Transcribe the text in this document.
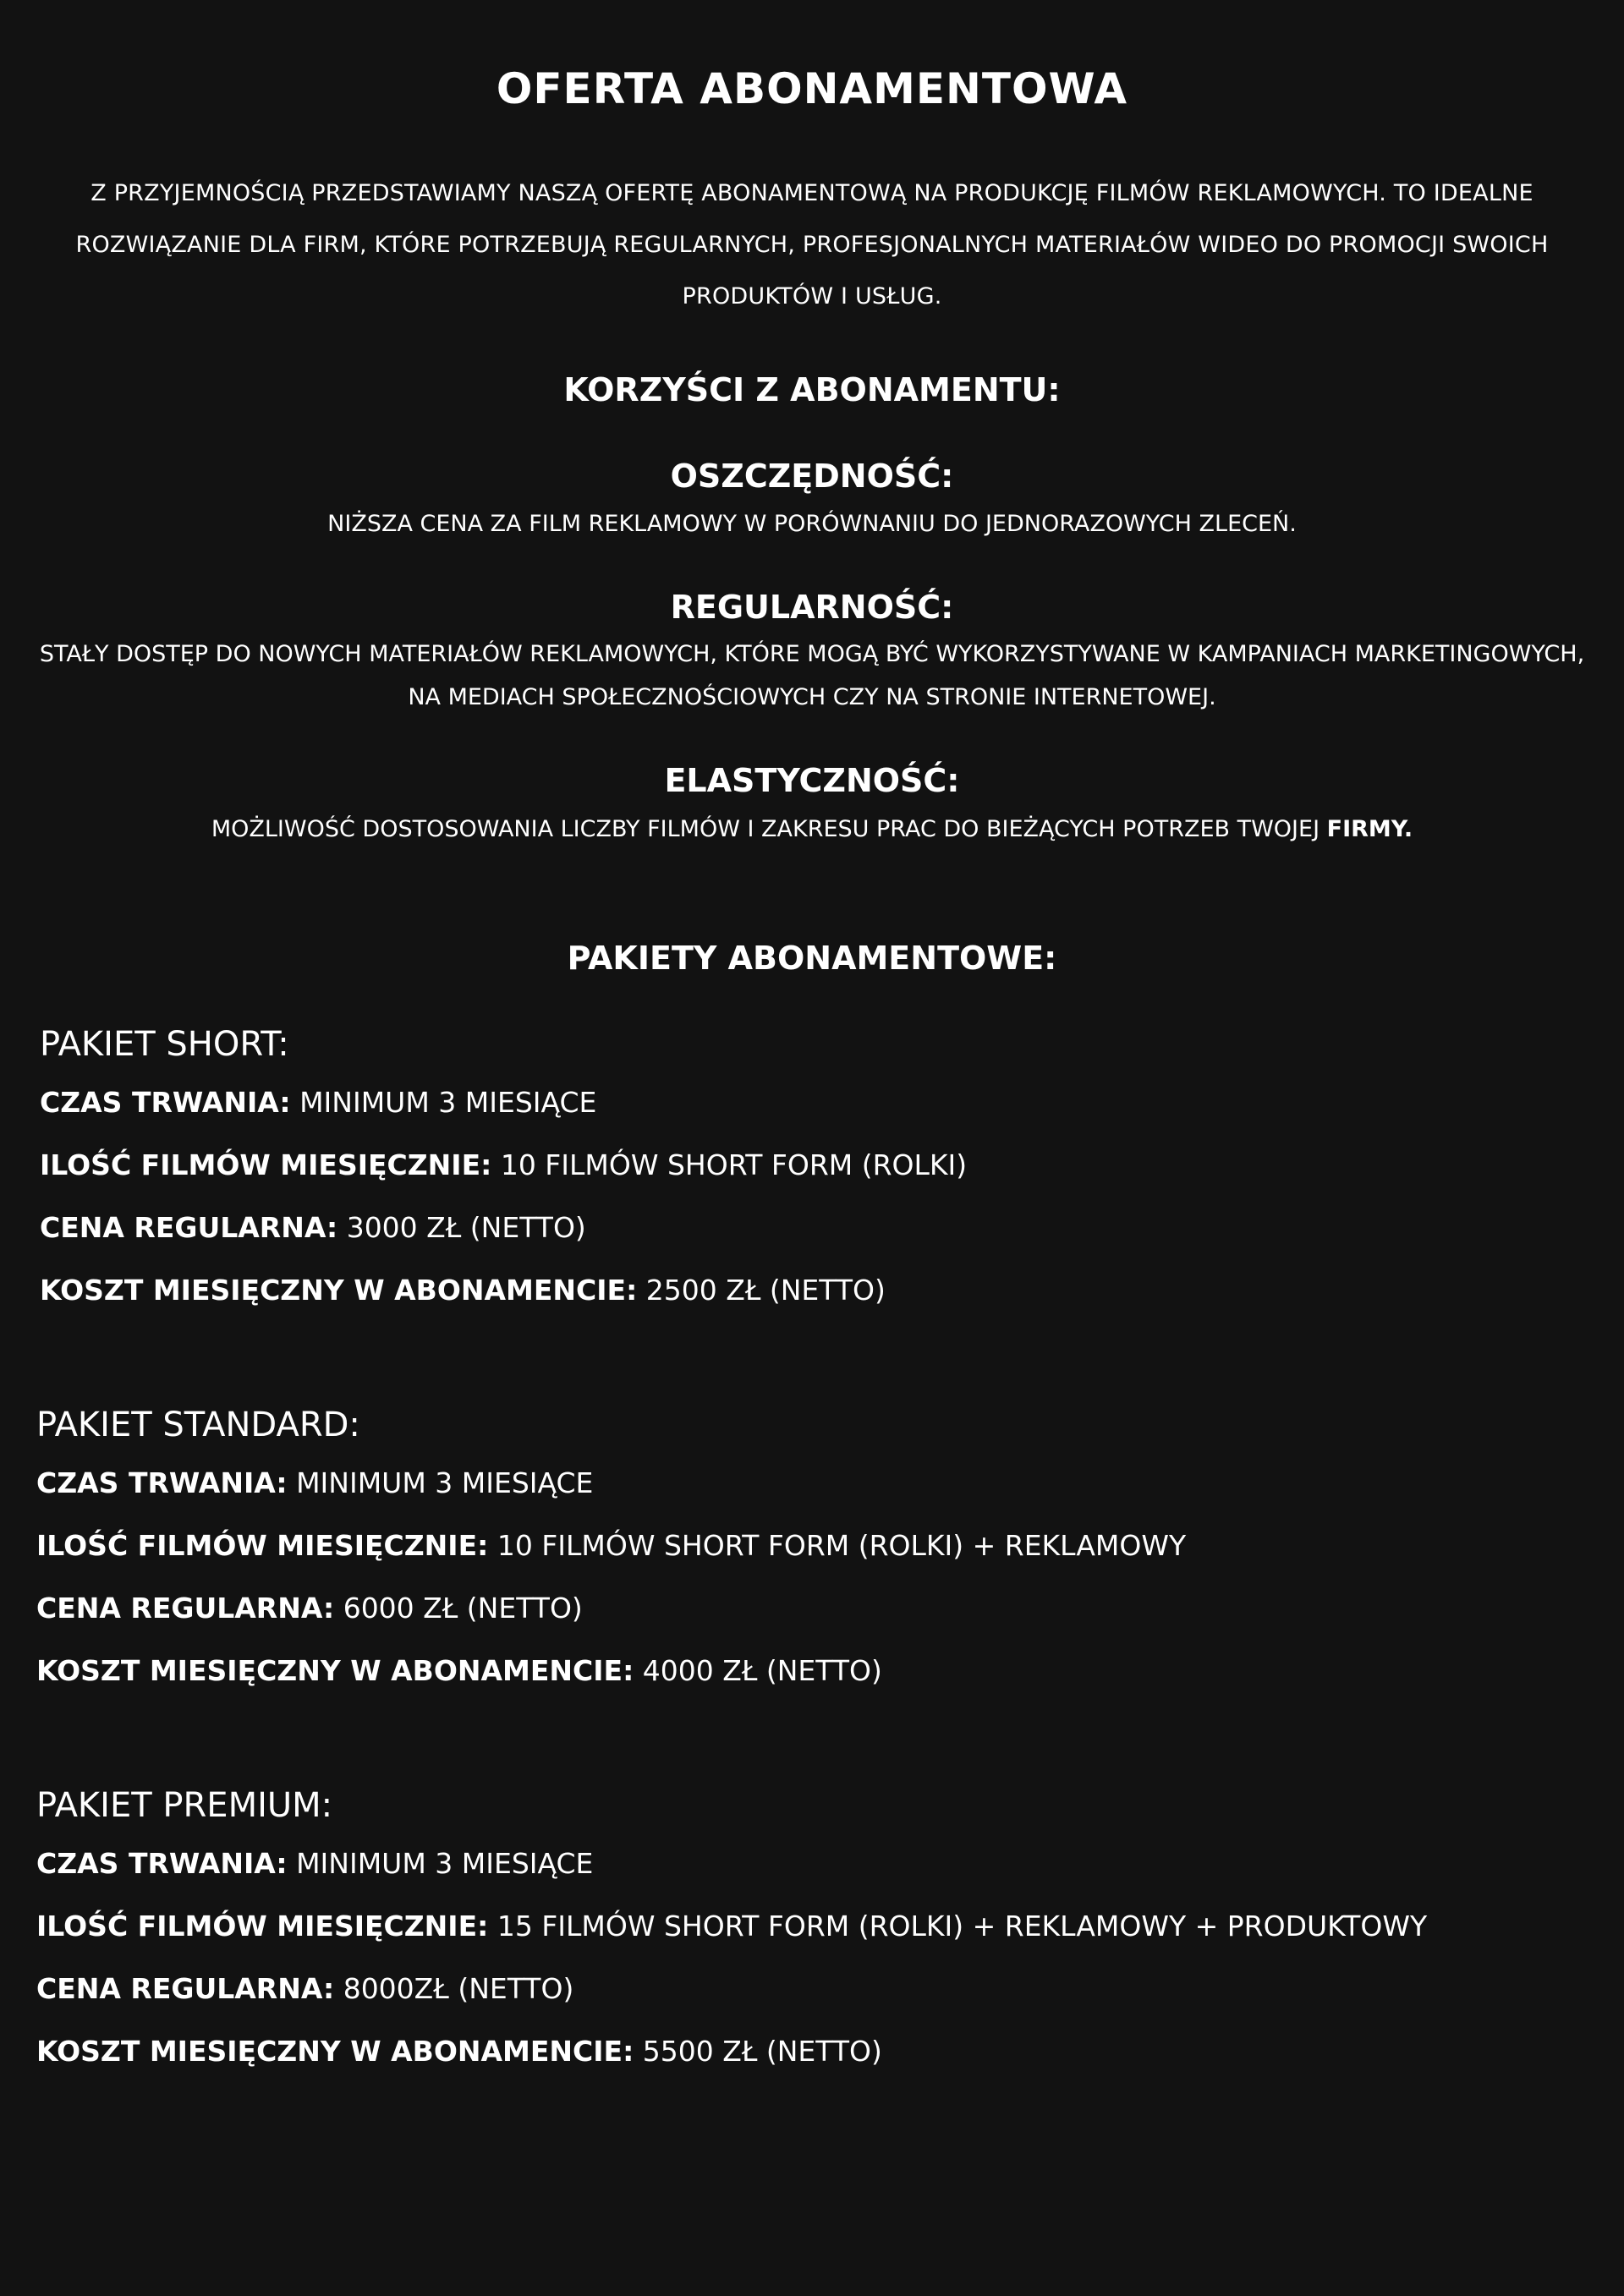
OFERTA ABONAMENTOWA
Z PRZYJEMNOŚCIĄ PRZEDSTAWIAMY NASZĄ OFERTĘ ABONAMENTOWĄ NA PRODUKCJĘ FILMÓW REKLAMOWYCH. TO IDEALNE ROZWIĄZANIE DLA FIRM, KTÓRE POTRZEBUJĄ REGULARNYCH, PROFESJONALNYCH MATERIAŁÓW WIDEO DO PROMOCJI SWOICH PRODUKTÓW I USŁUG.
KORZYŚCI Z ABONAMENTU:
OSZCZĘDNOŚĆ:
NIŻSZA CENA ZA FILM REKLAMOWY W PORÓWNANIU DO JEDNORAZOWYCH ZLECEŃ.
REGULARNOŚĆ:
STAŁY DOSTĘP DO NOWYCH MATERIAŁÓW REKLAMOWYCH, KTÓRE MOGĄ BYĆ WYKORZYSTYWANE W KAMPANIACH MARKETINGOWYCH, NA MEDIACH SPOŁECZNOŚCIOWYCH CZY NA STRONIE INTERNETOWEJ.
ELASTYCZNOŚĆ:
MOŻLIWOŚĆ DOSTOSOWANIA LICZBY FILMÓW I ZAKRESU PRAC DO BIEŻĄCYCH POTRZEB TWOJEJ FIRMY.
PAKIETY ABONAMENTOWE:
PAKIET SHORT:
CZAS TRWANIA: MINIMUM 3 MIESIĄCE
ILOŚĆ FILMÓW MIESIĘCZNIE: 10 FILMÓW SHORT FORM (ROLKI)
CENA REGULARNA: 3000 ZŁ (NETTO)
KOSZT MIESIĘCZNY W ABONAMENCIE: 2500 ZŁ (NETTO)
PAKIET STANDARD:
CZAS TRWANIA: MINIMUM 3 MIESIĄCE
ILOŚĆ FILMÓW MIESIĘCZNIE: 10 FILMÓW SHORT FORM (ROLKI) + REKLAMOWY
CENA REGULARNA: 6000 ZŁ (NETTO)
KOSZT MIESIĘCZNY W ABONAMENCIE: 4000 ZŁ (NETTO)
PAKIET PREMIUM:
CZAS TRWANIA: MINIMUM 3 MIESIĄCE
ILOŚĆ FILMÓW MIESIĘCZNIE: 15 FILMÓW SHORT FORM (ROLKI) + REKLAMOWY + PRODUKTOWY
CENA REGULARNA: 8000ZŁ (NETTO)
KOSZT MIESIĘCZNY W ABONAMENCIE: 5500 ZŁ (NETTO)
